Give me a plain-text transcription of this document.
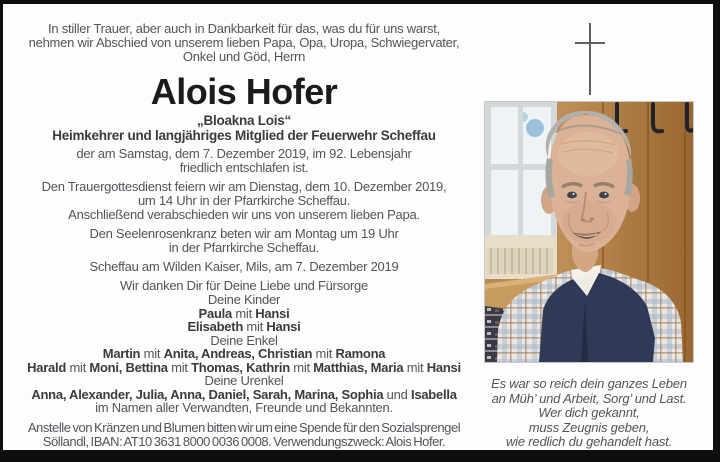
In stiller Trauer, aber auch in Dankbarkeit für das, was du für uns warst,
nehmen wir Abschied von unserem lieben Papa, Opa, Uropa, Schwiegervater,
Onkel und Göd, Herrn
Alois Hofer
„Bloakna Lois“
Heimkehrer und langjähriges Mitglied der Feuerwehr Scheffau
der am Samstag, dem 7. Dezember 2019, im 92. Lebensjahr
friedlich entschlafen ist.
Den Trauergottesdienst feiern wir am Dienstag, dem 10. Dezember 2019,
um 14 Uhr in der Pfarrkirche Scheffau.
Anschließend verabschieden wir uns von unserem lieben Papa.
Den Seelenrosenkranz beten wir am Montag um 19 Uhr
in der Pfarrkirche Scheffau.
Scheffau am Wilden Kaiser, Mils, am 7. Dezember 2019
Wir danken Dir für Deine Liebe und Fürsorge
Deine Kinder
Paula mit Hansi
Elisabeth mit Hansi
Deine Enkel
Martin mit Anita, Andreas, Christian mit Ramona
Harald mit Moni, Bettina mit Thomas, Kathrin mit Matthias, Maria mit Hansi
Deine Urenkel
Anna, Alexander, Julia, Anna, Daniel, Sarah, Marina, Sophia und Isabella
im Namen aller Verwandten, Freunde und Bekannten.
Anstelle von Kränzen und Blumen bitten wir um eine Spende für den Sozialsprengel
Söllandl, IBAN: AT10 3631 8000 0036 0008. Verwendungszweck: Alois Hofer.
Es war so reich dein ganzes Leben
an Müh’ und Arbeit, Sorg’ und Last.
Wer dich gekannt,
muss Zeugnis geben,
wie redlich du gehandelt hast.
